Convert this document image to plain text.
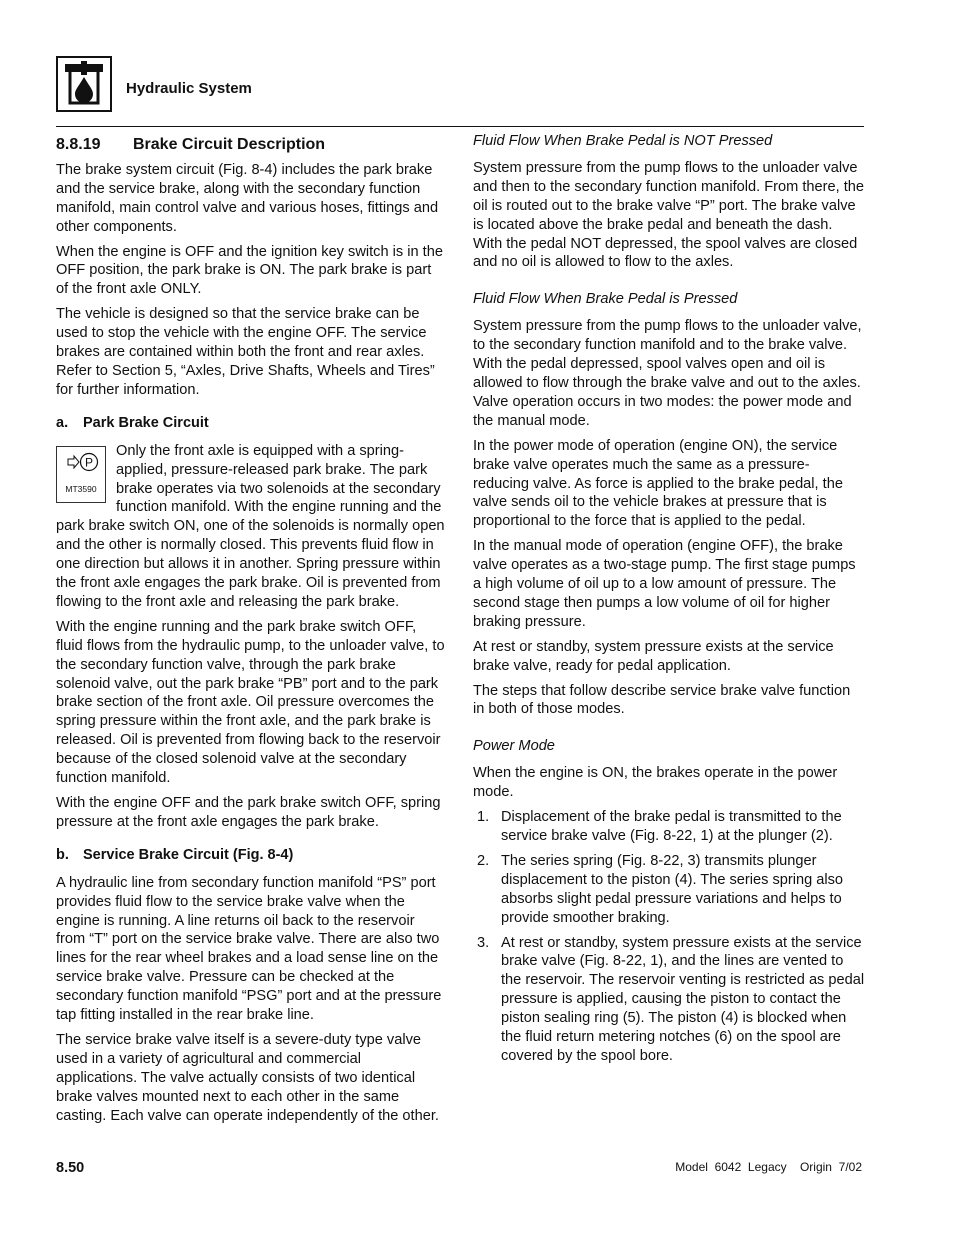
Hydraulic System
8.8.19	Brake Circuit Description

The brake system circuit (Fig. 8-4) includes the park brake and the service brake, along with the secondary function manifold, main control valve and various hoses, fittings and other components.

When the engine is OFF and the ignition key switch is in the OFF position, the park brake is ON. The park brake is part of the front axle ONLY.

The vehicle is designed so that the service brake can be used to stop the vehicle with the engine OFF. The service brakes are contained within both the front and rear axles. Refer to Section 5, “Axles, Drive Shafts, Wheels and Tires” for further information.

a.	Park Brake Circuit
P
MT3590

Only the front axle is equipped with a spring-applied, pressure-released park brake. The park brake operates via two solenoids at the secondary function manifold. With the engine running and the park brake switch ON, one of the solenoids is normally open and the other is normally closed. This prevents fluid flow in one direction but allows it in another. Spring pressure within the front axle engages the park brake. Oil is prevented from flowing to the front axle and releasing the park brake.

With the engine running and the park brake switch OFF, fluid flows from the hydraulic pump, to the unloader valve, to the secondary function valve, through the park brake solenoid valve, out the park brake “PB” port and to the park brake section of the front axle. Oil pressure overcomes the spring pressure within the front axle, and the park brake is released. Oil is prevented from flowing back to the reservoir because of the closed solenoid valve at the secondary function manifold.

With the engine OFF and the park brake switch OFF, spring pressure at the front axle engages the park brake.

b. Service Brake Circuit (Fig. 8-4)

A hydraulic line from secondary function manifold “PS” port provides fluid flow to the service brake valve when the engine is running. A line returns oil back to the reservoir from “T” port on the service brake valve. There are also two lines for the rear wheel brakes and a load sense line on the service brake valve. Pressure can be checked at the secondary function manifold “PSG” port and at the pressure tap fitting installed in the rear brake line.

The service brake valve itself is a severe-duty type valve used in a variety of agricultural and commercial applications. The valve actually consists of two identical brake valves mounted next to each other in the same casting. Each valve can operate independently of the other.

Fluid Flow When Brake Pedal is NOT Pressed

System pressure from the pump flows to the unloader valve and then to the secondary function manifold. From there, the oil is routed out to the brake valve “P” port. The brake valve is located above the brake pedal and beneath the dash. With the pedal NOT depressed, the spool valves are closed and no oil is allowed to flow to the axles.

Fluid Flow When Brake Pedal is Pressed

System pressure from the pump flows to the unloader valve, to the secondary function manifold and to the brake valve. With the pedal depressed, spool valves open and oil is allowed to flow through the brake valve and out to the axles. Valve operation occurs in two modes: the power mode and the manual mode.

In the power mode of operation (engine ON), the service brake valve operates much the same as a pressure-reducing valve. As force is applied to the brake pedal, the valve sends oil to the vehicle brakes at pressure that is proportional to the force that is applied to the pedal.

In the manual mode of operation (engine OFF), the brake valve operates as a two-stage pump. The first stage pumps a high volume of oil up to a low amount of pressure. The second stage then pumps a low volume of oil for higher braking pressure.

At rest or standby, system pressure exists at the service brake valve, ready for pedal application.

The steps that follow describe service brake valve function in both of those modes.

Power Mode

When the engine is ON, the brakes operate in the power mode.

1. Displacement of the brake pedal is transmitted to the service brake valve (Fig. 8-22, 1) at the plunger (2).
2. The series spring (Fig. 8-22, 3) transmits plunger displacement to the piston (4). The series spring also absorbs slight pedal pressure variations and helps to provide smoother braking.
3. At rest or standby, system pressure exists at the service brake valve (Fig. 8-22, 1), and the lines are vented to the reservoir. The reservoir venting is restricted as pedal pressure is applied, causing the piston to contact the piston sealing ring (5). The piston (4) is blocked when the fluid return metering notches (6) on the spool are covered by the spool bore.
8.50	Model  6042  Legacy    Origin  7/02
